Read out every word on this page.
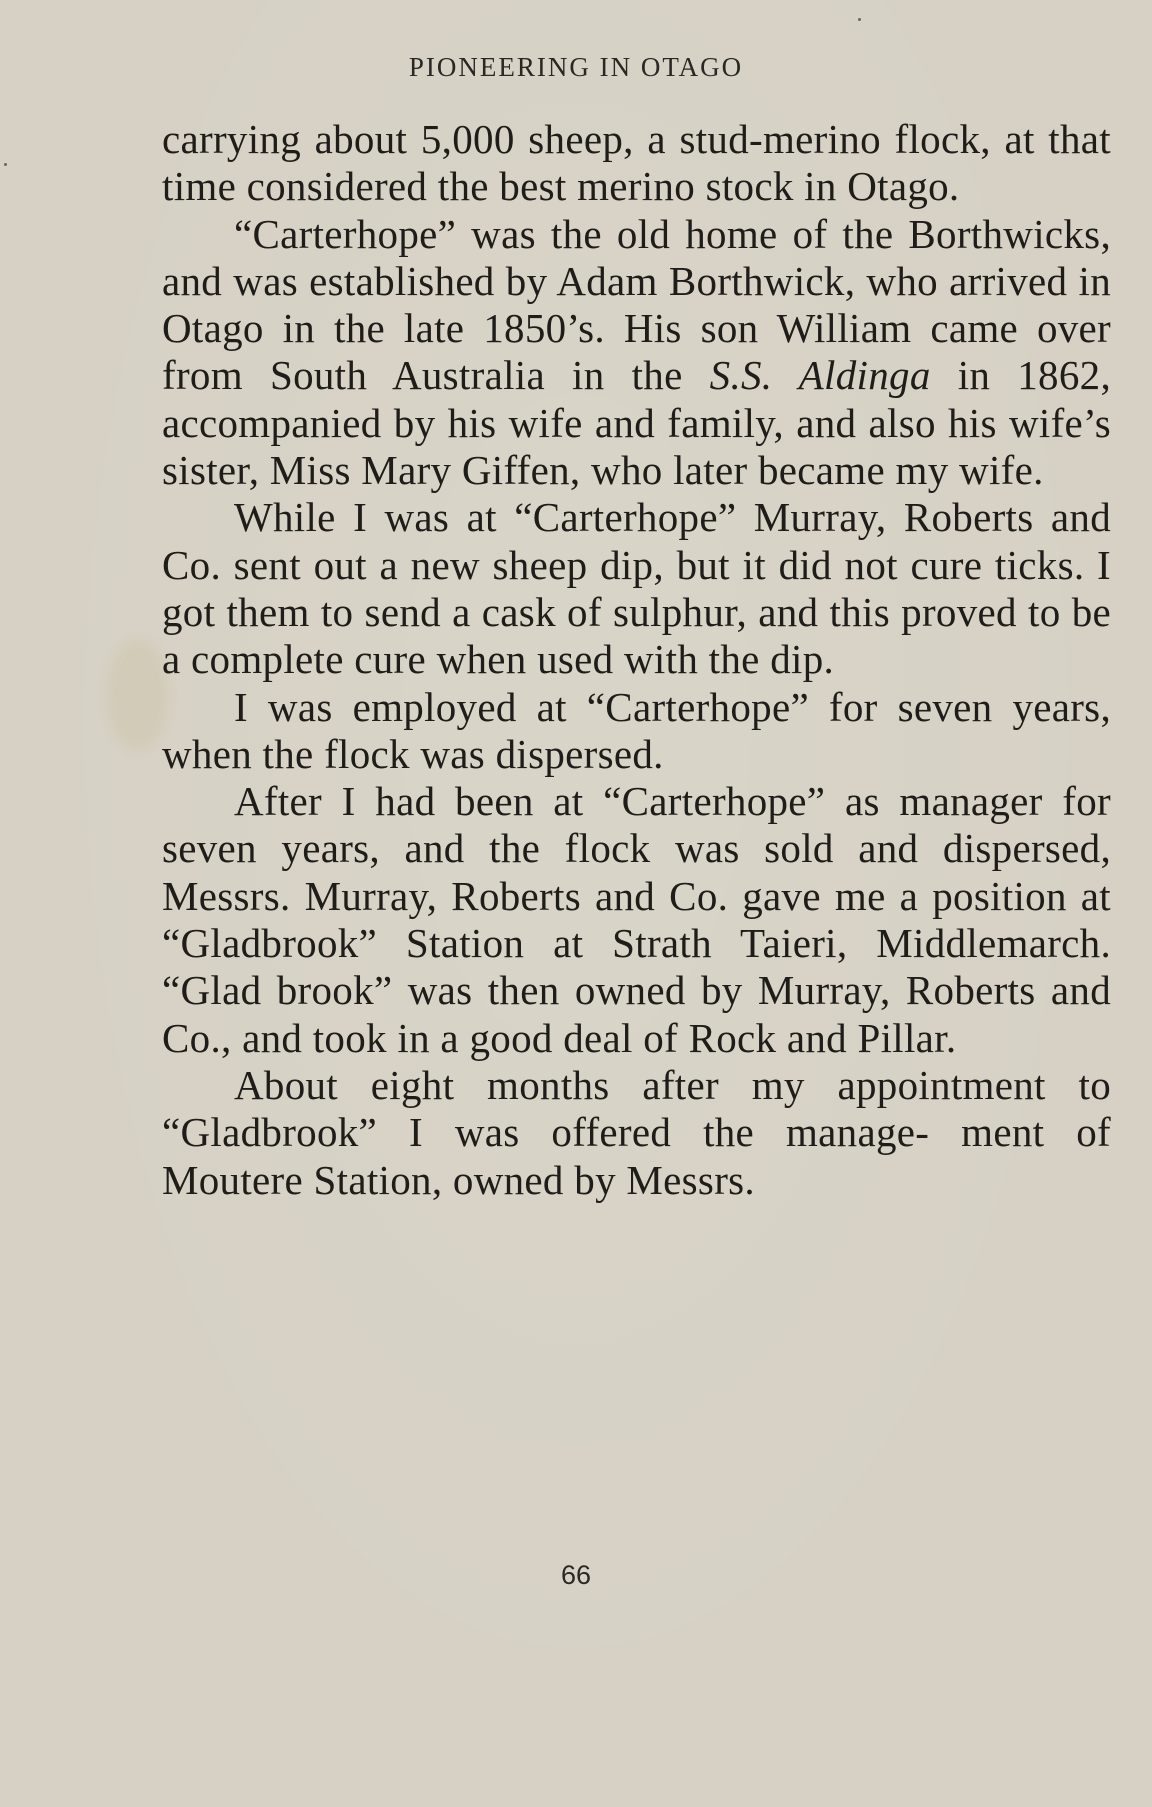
PIONEERING IN OTAGO

carrying about 5,000 sheep, a stud-merino flock, at that time considered the best merino stock in Otago.

“Carterhope” was the old home of the Borthwicks, and was established by Adam Borthwick, who arrived in Otago in the late 1850’s. His son William came over from South Australia in the S.S. Aldinga in 1862, accompanied by his wife and family, and also his wife’s sister, Miss Mary Giffen, who later became my wife.

While I was at “Carterhope” Murray, Roberts and Co. sent out a new sheep dip, but it did not cure ticks. I got them to send a cask of sulphur, and this proved to be a complete cure when used with the dip.

I was employed at “Carterhope” for seven years, when the flock was dispersed.

After I had been at “Carterhope” as manager for seven years, and the flock was sold and dispersed, Messrs. Murray, Roberts and Co. gave me a position at “Gladbrook” Station at Strath Taieri, Middlemarch. “Glad brook” was then owned by Murray, Roberts and Co., and took in a good deal of Rock and Pillar.

About eight months after my appointment to “Gladbrook” I was offered the manage- ment of Moutere Station, owned by Messrs.

66
